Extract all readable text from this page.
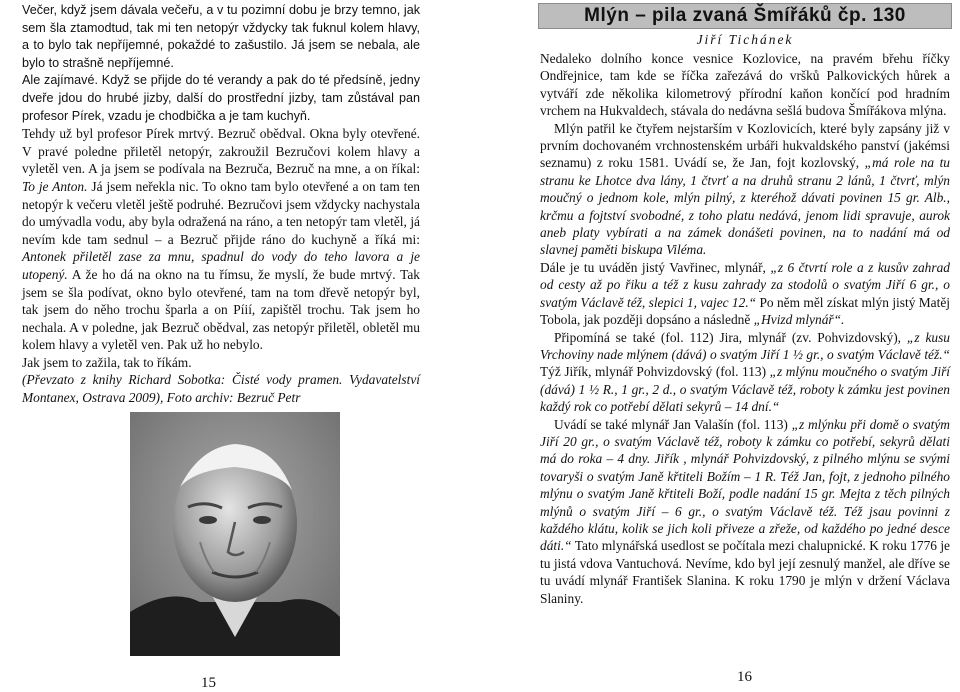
Večer, když jsem dávala večeřu, a v tu pozimní dobu je brzy temno, jak sem šla ztamodtud, tak mi ten netopýr vždycky tak fuknul kolem hlavy, a to bylo tak nepříjemné, pokaždé to zašustilo. Já jsem se nebala, ale bylo to strašně nepříjemné.

Ale zajímavé. Když se přijde do té verandy a pak do té předsíně, jedny dveře jdou do hrubé jizby, další do prostřední jizby, tam zůstával pan profesor Pírek, vzadu je chodbička a je tam kuchyň.

Tehdy už byl profesor Pírek mrtvý. Bezruč obědval. Okna byly otevřené. V pravé poledne přiletěl netopýr, zakroužil Bezručovi kolem hlavy a vyletěl ven. A ja jsem se podívala na Bezruča, Bezruč na mne, a on říkal: To je Anton. Já jsem neřekla nic. To okno tam bylo otevřené a on tam ten netopýr k večeru vletěl ještě podruhé. Bezručovi jsem vždycky nachystala do umývadla vodu, aby byla odražená na ráno, a ten netopýr tam vletěl, já nevím kde tam sednul – a Bezruč přijde ráno do kuchyně a říká mi: Antonek přiletěl zase za mnu, spadnul do vody do teho lavora a je utopený. A že ho dá na okno na tu římsu, že myslí, že bude mrtvý. Tak jsem se šla podívat, okno bylo otevřené, tam na tom dřevě netopýr byl, tak jsem do něho trochu šparla a on Píií, zapištěl trochu. Tak jsem ho nechala. A v poledne, jak Bezruč obědval, zas netopýr přiletěl, obletěl mu kolem hlavy a vyletěl ven. Pak už ho nebylo.

Jak jsem to zažila, tak to říkám.

(Převzato z knihy Richard Sobotka: Čisté vody pramen. Vydavatelství Montanex, Ostrava 2009), Foto archiv: Bezruč Petr

15
Mlýn – pila zvaná Šmířáků čp. 130
Jiří Tichánek

Nedaleko dolního konce vesnice Kozlovice, na pravém břehu říčky Ondřejnice, tam kde se říčka zařezává do vršků Palkovických hůrek a vytváří zde několika kilometrový přírodní kaňon končící pod hradním vrchem na Hukvaldech, stávala do nedávna sešlá budova Šmířákova mlýna.

Mlýn patřil ke čtyřem nejstarším v Kozlovicích, které byly zapsány již v prvním dochovaném vrchnostenském urbáři hukvaldského panství (jakémsi seznamu) z roku 1581. Uvádí se, že Jan, fojt kozlovský, „má role na tu stranu ke Lhotce dva lány, 1 čtvrť a na druhů stranu 2 lánů, 1 čtvrť, mlýn moučný o jednom kole, mlýn pilný, z kteréhož dávati povinen 15 gr. Alb., krčmu a fojtství svobodné, z toho platu nedává, jenom lidi spravuje, aurok aneb platy vybírati a na zámek donášeti povinen, na to nadání má od slavnej paměti biskupa Viléma.

Dále je tu uváděn jistý Vavřinec, mlynář, „z 6 čtvrtí role a z kusův zahrad od cesty až po řiku a též z kusu zahrady za stodolů o svatým Jiří 6 gr., o svatým Václavě též, slepici 1, vajec 12.“ Po něm měl získat mlýn jistý Matěj Tobola, jak později dopsáno a následně „Hvizd mlynář“.

Připomíná se také (fol. 112) Jira, mlynář (zv. Pohvizdovský), „z kusu Vrchoviny nade mlýnem (dává) o svatým Jiří 1 ½ gr., o svatým Václavě též.“ Týž Jiřík, mlynář Pohvizdovský (fol. 113) „z mlýnu moučného o svatým Jiří (dává) 1 ½ R., 1 gr., 2 d., o svatým Václavě též, roboty k zámku jest povinen každý rok co potřebí dělati sekyrů – 14 dní.“

Uvádí se také mlynář Jan Valašín (fol. 113) „z mlýnku při domě o svatým Jiří 20 gr., o svatým Václavě též, roboty k zámku co potřebí, sekyrů dělati má do roka – 4 dny. Jiřík , mlynář Pohvizdovský, z pilného mlýnu se svými tovaryši o svatým Janě křtiteli Božím – 1 R. Též Jan, fojt, z jednoho pilného mlýnu o svatým Janě křtiteli Boží, podle nadání 15 gr. Mejta z těch pilných mlýnů o svatým Jiří – 6 gr., o svatým Václavě též. Též jsau povinni z každého klátu, kolik se jich koli přiveze a zřeže, od každého po jedné desce dáti.“ Tato mlynářská usedlost se počítala mezi chalupnické. K roku 1776 je tu jistá vdova Vantuchová. Nevíme, kdo byl její zesnulý manžel, ale dříve se tu uvádí mlynář František Slanina. K roku 1790 je mlýn v držení Václava Slaniny.

16
